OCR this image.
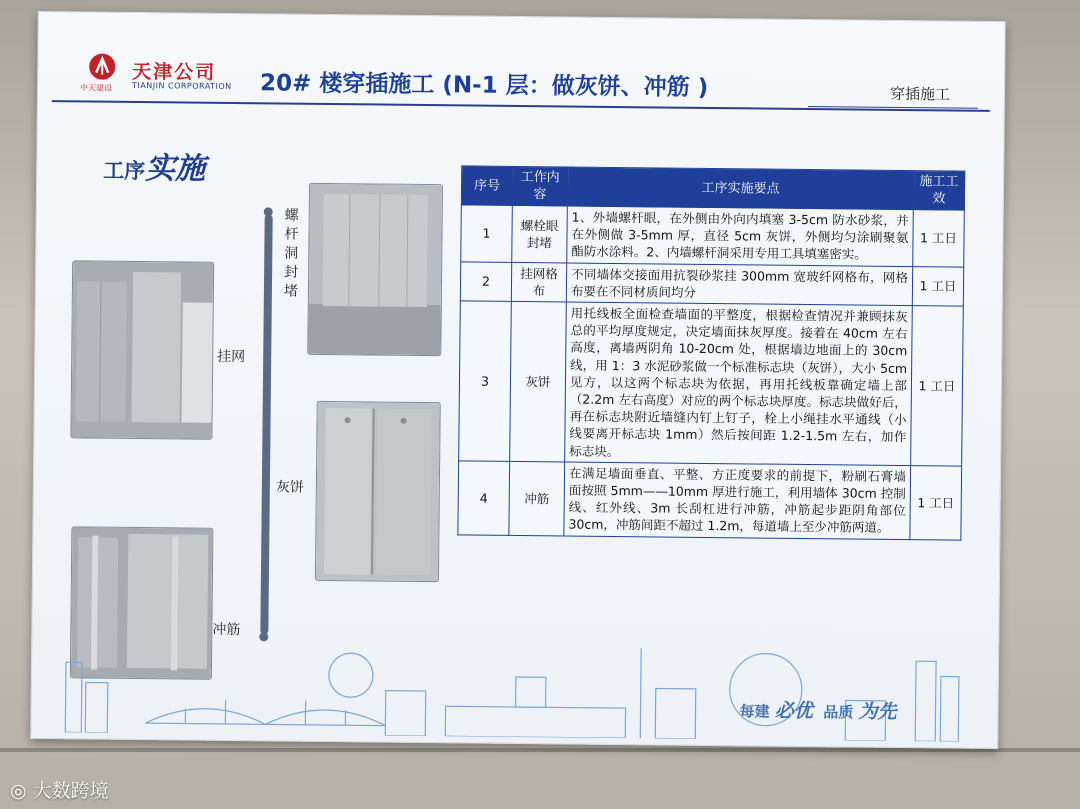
中天建设
天津公司
TIANJIN CORPORATION 20# 楼穿插施工 (N-1 层：做灰饼、冲筋 )	穿插施工
工序实施
螺杆洞封堵
挂网
灰饼
冲筋
序号	工作内容	工序实施要点	施工工效
1	螺栓眼封堵	1、外墙螺杆眼，在外侧由外向内填塞 3-5cm 防水砂浆，并在外侧做 3-5mm 厚，直径 5cm 灰饼，外侧均匀涂刷聚氨酯防水涂料。2、内墙螺杆洞采用专用工具填塞密实。	1 工日
2	挂网格布	不同墙体交接面用抗裂砂浆挂 300mm 宽玻纤网格布，网格布要在不同材质间均分	1 工日
3	灰饼	用托线板全面检查墙面的平整度，根据检查情况并兼顾抹灰总的平均厚度规定，决定墙面抹灰厚度。接着在 40cm 左右高度，离墙两阴角 10-20cm 处，根据墙边地面上的 30cm 线，用 1：3 水泥砂浆做一个标准标志块（灰饼），大小 5cm 见方，以这两个标志块为依据，再用托线板靠确定墙上部（2.2m 左右高度）对应的两个标志块厚度。标志块做好后，再在标志块附近墙缝内钉上钉子，栓上小绳挂水平通线（小线要离开标志块 1mm）然后按间距 1.2-1.5m 左右，加作标志块。	1 工日
4	冲筋	在满足墙面垂直、平整、方正度要求的前提下，粉刷石膏墙面按照 5mm——10mm 厚进行施工，利用墙体 30cm 控制线、红外线、3m 长刮杠进行冲筋，冲筋起步距阴角部位 30cm，冲筋间距不超过 1.2m，每道墙上至少冲筋两道。	1 工日
每建 必优 品质 为先
◎ 大数跨境
